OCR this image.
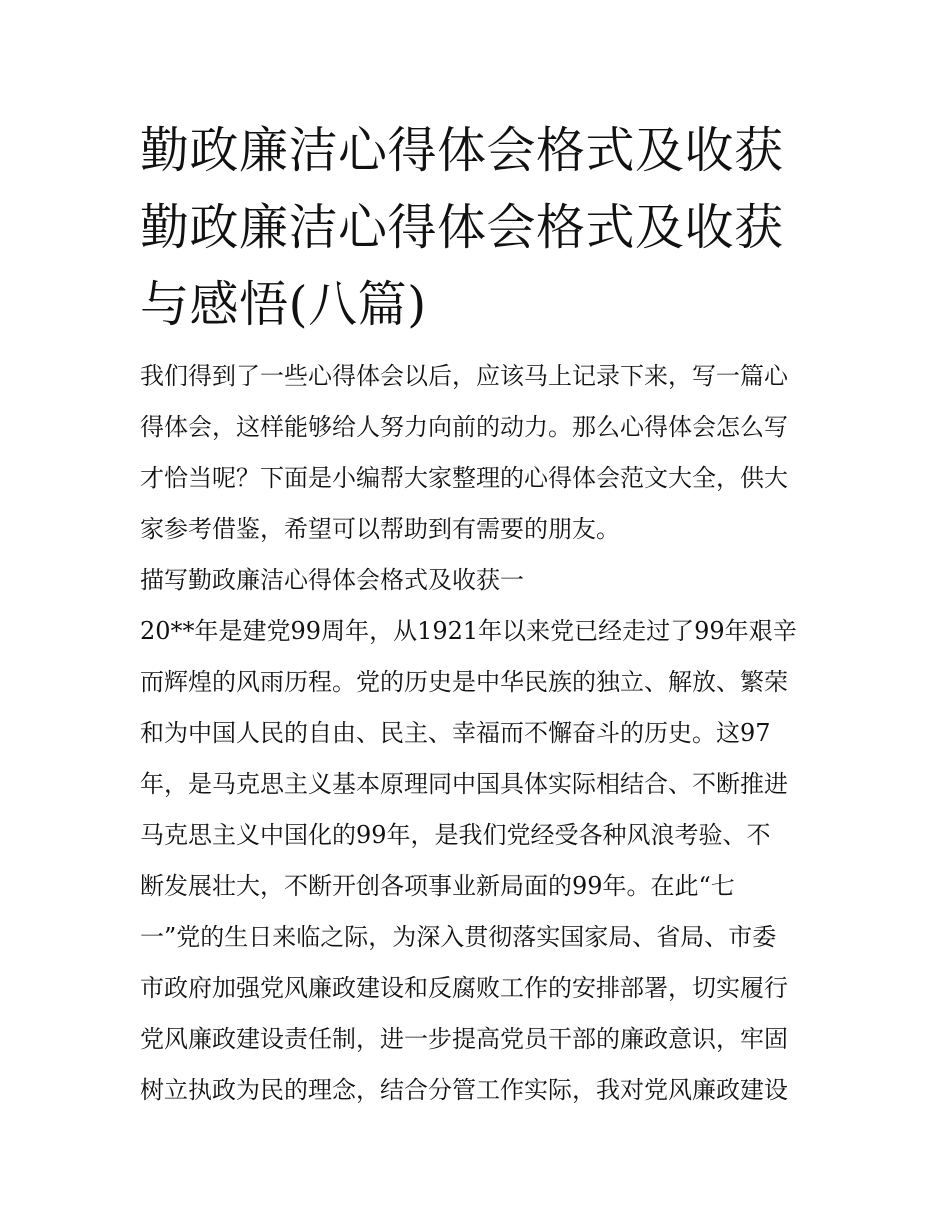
勤政廉洁心得体会格式及收获
勤政廉洁心得体会格式及收获
与感悟(八篇)
我们得到了一些心得体会以后，应该马上记录下来，写一篇心
得体会，这样能够给人努力向前的动力。那么心得体会怎么写
才恰当呢？下面是小编帮大家整理的心得体会范文大全，供大
家参考借鉴，希望可以帮助到有需要的朋友。
描写勤政廉洁心得体会格式及收获一
20**年是建党99周年，从1921年以来党已经走过了99年艰辛
而辉煌的风雨历程。党的历史是中华民族的独立、解放、繁荣
和为中国人民的自由、民主、幸福而不懈奋斗的历史。这97
年，是马克思主义基本原理同中国具体实际相结合、不断推进
马克思主义中国化的99年，是我们党经受各种风浪考验、不
断发展壮大，不断开创各项事业新局面的99年。在此“七
一”党的生日来临之际，为深入贯彻落实国家局、省局、市委
市政府加强党风廉政建设和反腐败工作的安排部署，切实履行
党风廉政建设责任制，进一步提高党员干部的廉政意识，牢固
树立执政为民的理念，结合分管工作实际，我对党风廉政建设
